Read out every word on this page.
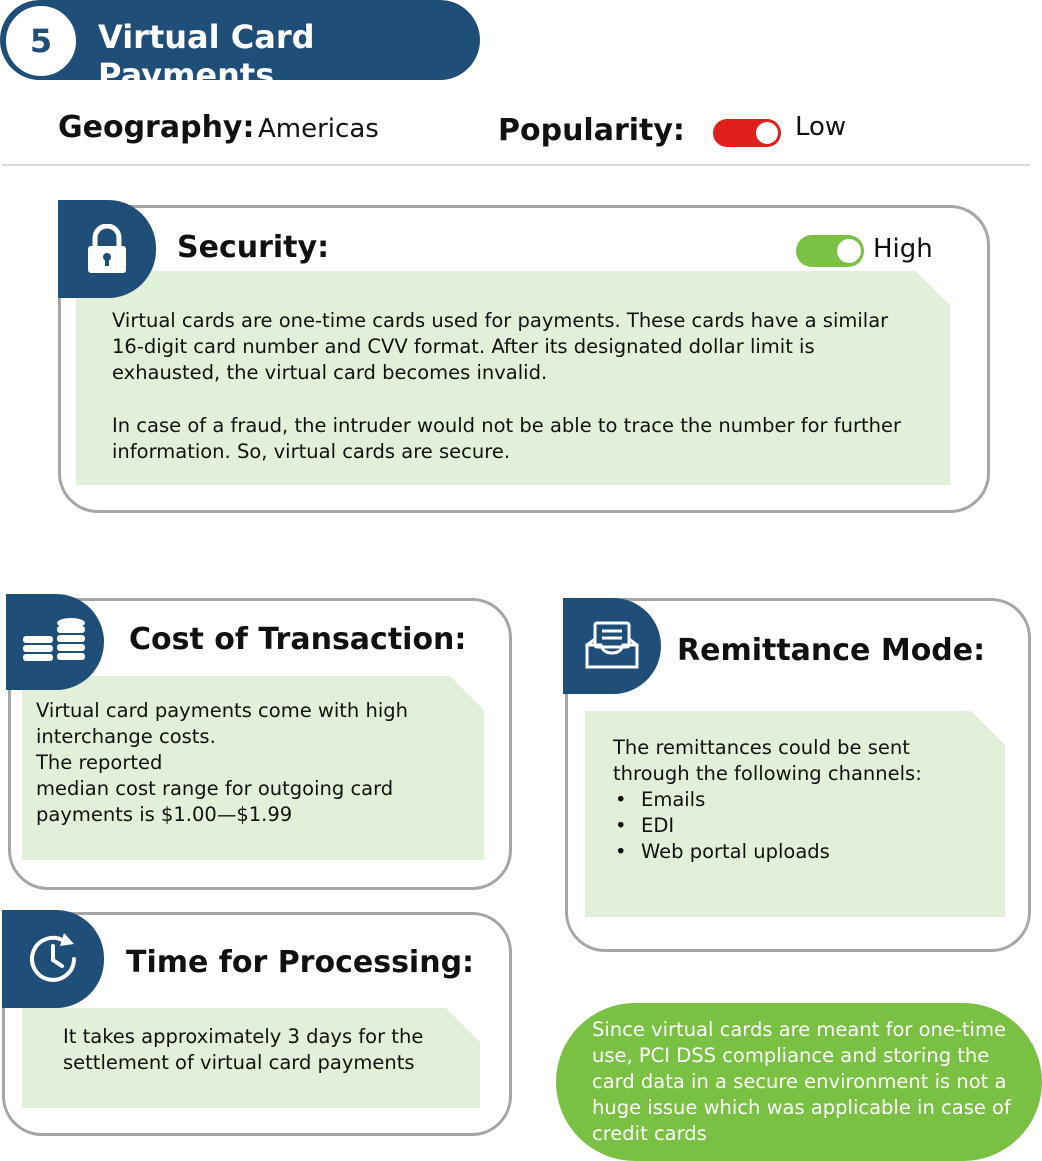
5	Virtual Card Payments
Geography: Americas	Popularity:	Low
Security:	High

Virtual cards are one-time cards used for payments. These cards have a similar 16-digit card number and CVV format. After its designated dollar limit is exhausted, the virtual card becomes invalid.

In case of a fraud, the intruder would not be able to trace the number for further information. So, virtual cards are secure.

Cost of Transaction:
Virtual card payments come with high
interchange costs.
The reported
median cost range for outgoing card
payments is $1.00—$1.99
Remittance Mode:
The remittances could be sent through the following channels:
• Emails
• EDI
• Web portal uploads
Time for Processing:

It takes approximately 3 days for the settlement of virtual card payments

Since virtual cards are meant for one-time use, PCI DSS compliance and storing the card data in a secure environment is not a huge issue which was applicable in case of credit cards
